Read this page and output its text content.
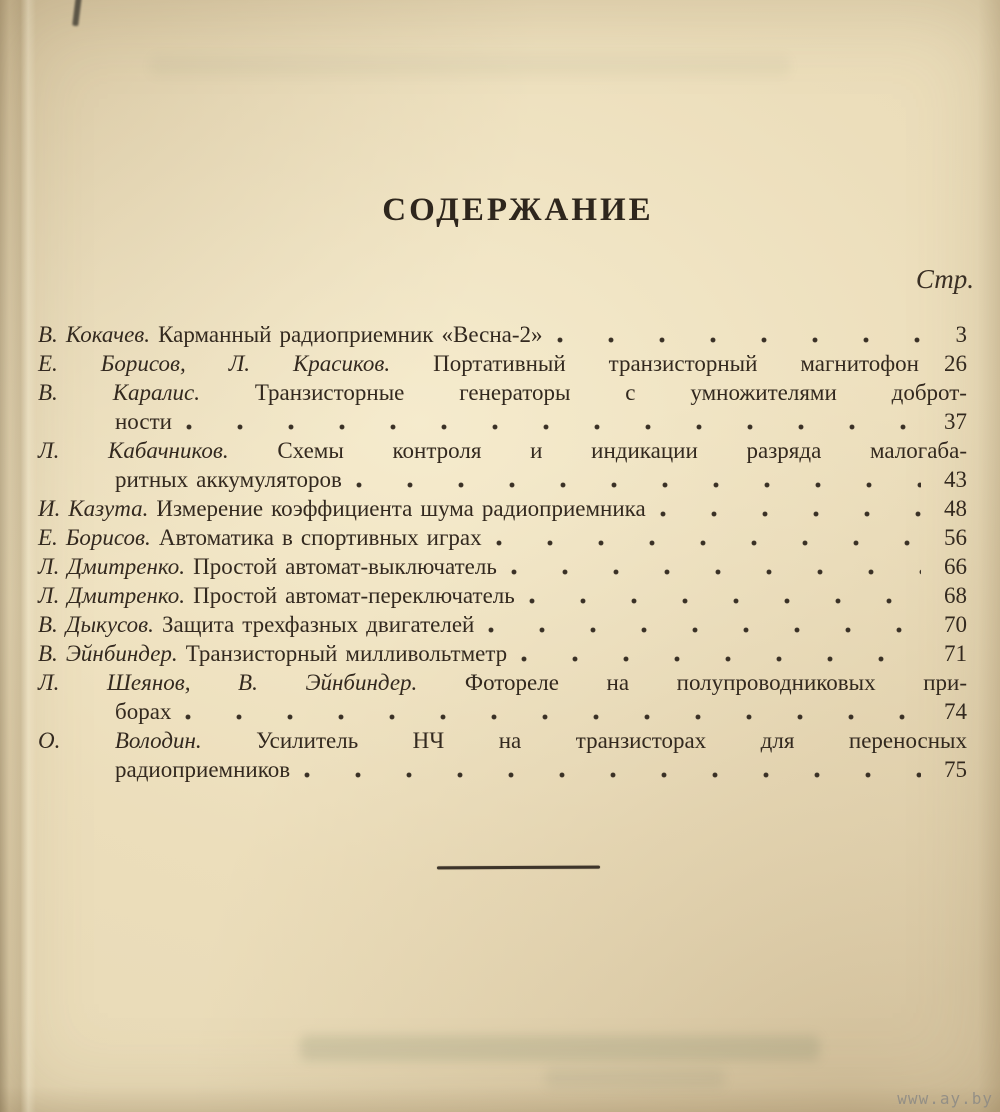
СОДЕРЖАНИЕ
Стр.
В. Кокачев. Карманный радиоприемник «Весна-2»	3
Е. Борисов, Л. Красиков. Портативный транзисторный магнитофон	26
В. Каралис. Транзисторные генераторы с умножителями доброт-
ности	37
Л. Кабачников. Схемы контроля и индикации разряда малогаба-
ритных аккумуляторов	43
И. Казута. Измерение коэффициента шума радиоприемника	48
Е. Борисов. Автоматика в спортивных играх	56
Л. Дмитренко. Простой автомат-выключатель	66
Л. Дмитренко. Простой автомат-переключатель	68
В. Дыкусов. Защита трехфазных двигателей	70
В. Эйнбиндер. Транзисторный милливольтметр	71
Л. Шеянов, В. Эйнбиндер. Фотореле на полупроводниковых при-
борах	74
О. Володин. Усилитель НЧ на транзисторах для переносных
радиоприемников	75
www.ay.by
